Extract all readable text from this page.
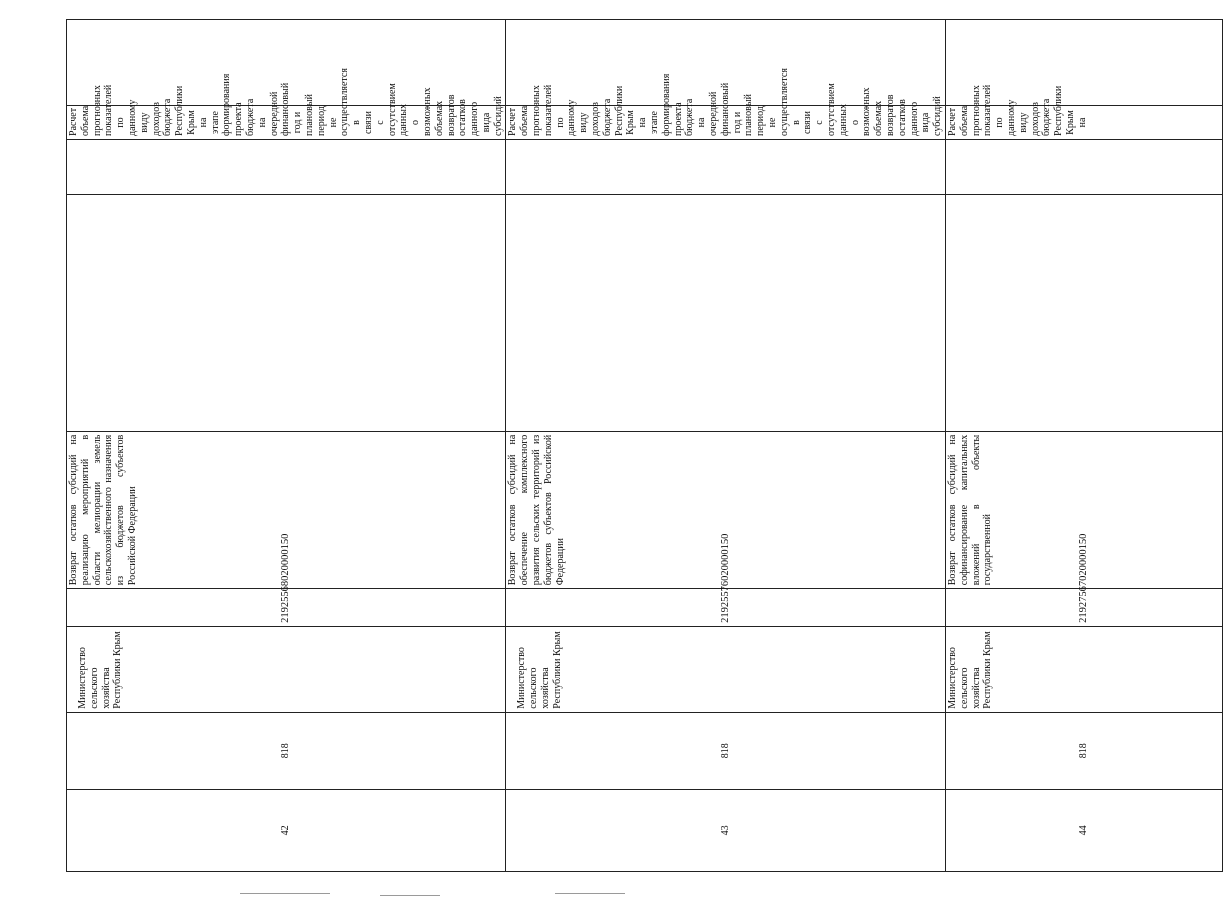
42	818	Министерство сельского хозяйства Республики Крым	21925568020000150	Возврат остатков субсидий на реализацию мероприятий в области мелиорации земель сельскохозяйственного назначения из бюджетов субъектов Российской Федерации			Расчет объема прогнозных показателей по данному виду доходов бюджета Республики Крым на этапе формирования проекта бюджета на очередной финансовый год и плановый период не осуществляется в связи с отсутствием данных о возможных объемах возвратов остатков данного вида субсидий	
43	818	Министерство сельского хозяйства Республики Крым	21925576020000150	Возврат остатков субсидий на обеспечение комплексного развития сельских территорий из бюджетов субъектов Российской Федерации			Расчет объема прогнозных показателей по данному виду доходов бюджета Республики Крым на этапе формирования проекта бюджета на очередной финансовый год и плановый период не осуществляется в связи с отсутствием данных о возможных объемах возвратов остатков данного вида субсидий	
44	818	Министерство сельского хозяйства Республики Крым	21927567020000150	Возврат остатков субсидий на софинансирование капитальных вложений в объекты государственной			Расчет объема прогнозных показателей по данному виду доходов бюджета Республики Крым на	
